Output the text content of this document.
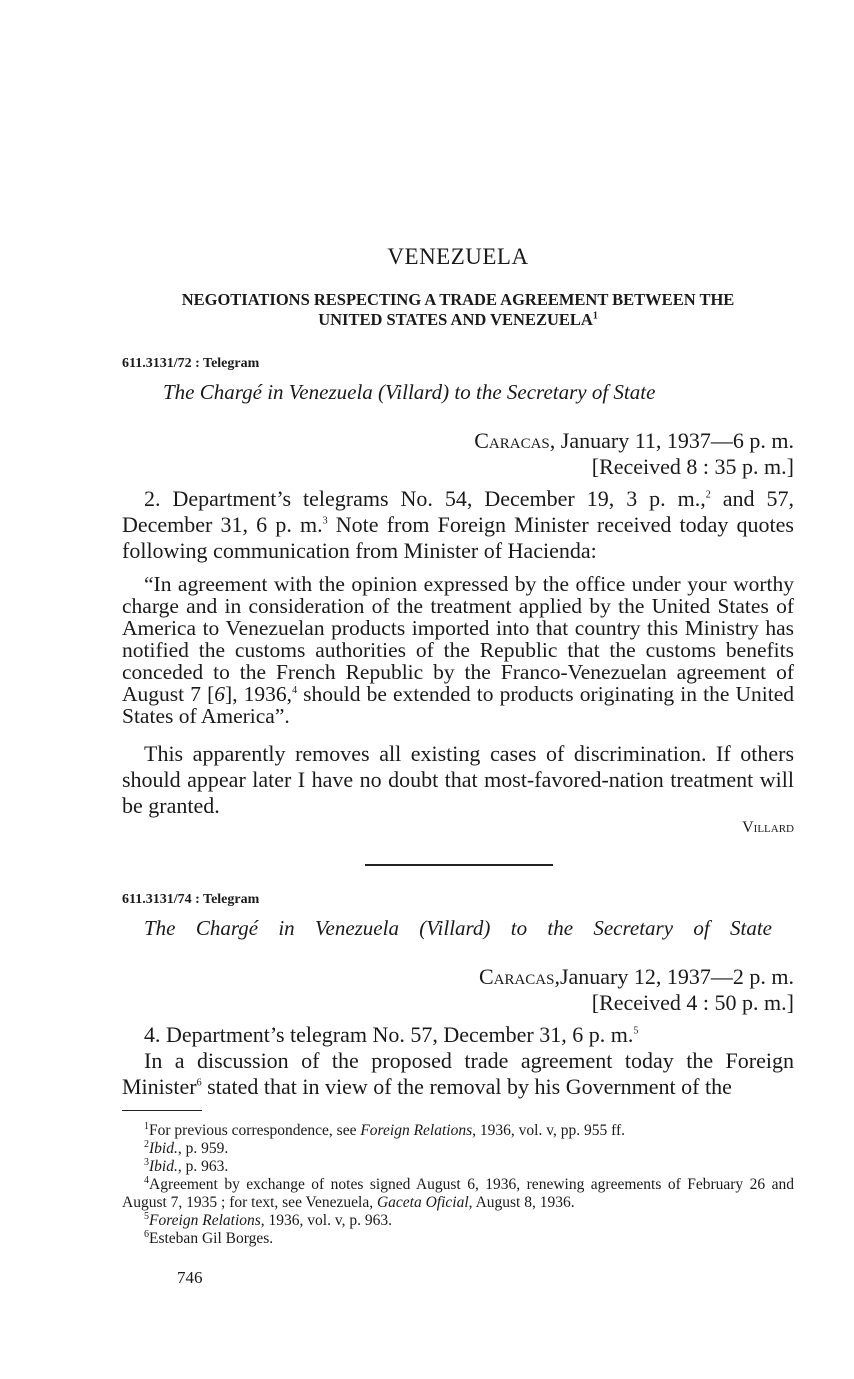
VENEZUELA
NEGOTIATIONS RESPECTING A TRADE AGREEMENT BETWEEN THE
UNITED STATES AND VENEZUELA$^1$
611.3131/72 : Telegram
The Chargé in Venezuela (Villard) to the Secretary of State
Caracas, January 11, 1937—6 p. m.
[Received 8 : 35 p. m.]
2. Department’s telegrams No. 54, December 19, 3 p. m.,$^2$ and 57, December 31, 6 p. m.$^3$ Note from Foreign Minister received today quotes following communication from Minister of Hacienda:
“In agreement with the opinion expressed by the office under your worthy charge and in consideration of the treatment applied by the United States of America to Venezuelan products imported into that country this Ministry has notified the customs authorities of the Republic that the customs benefits conceded to the French Republic by the Franco-Venezuelan agreement of August 7 [6], 1936,$^4$ should be extended to products originating in the United States of America”.
This apparently removes all existing cases of discrimination. If others should appear later I have no doubt that most-favored-nation treatment will be granted.
Villard
611.3131/74 : Telegram
The Chargé in Venezuela (Villard) to the Secretary of State
Caracas,January 12, 1937—2 p. m.
[Received 4 : 50 p. m.]
4. Department’s telegram No. 57, December 31, 6 p. m.$^5$
In a discussion of the proposed trade agreement today the Foreign Minister$^6$ stated that in view of the removal by his Government of the
$^1$For previous correspondence, see Foreign Relations, 1936, vol. v, pp. 955 ff.
$^2$Ibid., p. 959.
$^3$Ibid., p. 963.
$^4$Agreement by exchange of notes signed August 6, 1936, renewing agreements of February 26 and August 7, 1935 ; for text, see Venezuela, Gaceta Oficial, August 8, 1936.
$^5$Foreign Relations, 1936, vol. v, p. 963.
$^6$Esteban Gil Borges.
746
